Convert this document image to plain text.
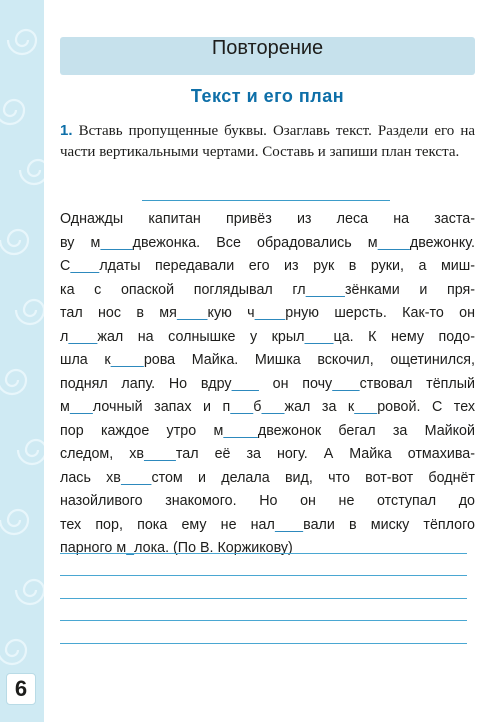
6
Повторение
Текст и его план
1. Вставь пропущенные буквы. Озаглавь текст. Раздели его на части вертикальными чертами. Составь и запиши план текста.
Однажды капитан привёз из леса на заста-
ву м двежонка. Все обрадовались м двежонку.
С лдаты передавали его из рук в руки, а миш-
ка с опаской поглядывал гл	зёнками и пря-
тал нос в мя кую ч рную шерсть. Как-то он
л жал на солнышке у крыл ца. К нему подо-
шла к рова Майка. Мишка вскочил, ощетинился,
поднял лапу. Но вдру   он почу ствовал тёплый
м лочный запах и п б жал за к ровой. С тех
пор каждое утро м двежонок бегал за Майкой
следом, хв тал её за ногу. А Майка отмахива-
лась хв стом и делала вид, что вот-вот боднёт
назойливого знакомого. Но он не отступал до
тех пор, пока ему не нал вали в миску тёплого
парного м лока. (По В. Коржикову)
